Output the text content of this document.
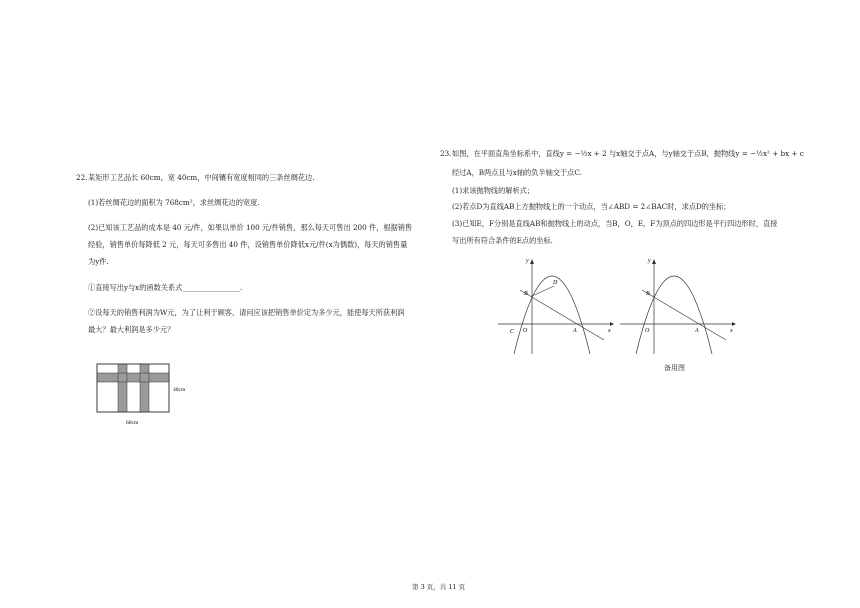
22. 某矩形工艺品长 60cm，宽 40cm，中间镶有宽度相同的三条丝绸花边.
(1)若丝绸花边的面积为 768cm²，求丝绸花边的宽度.
(2)已知该工艺品的成本是 40 元/件，如果以单价 100 元/件销售，那么每天可售出 200 件，根据销售
经验，销售单价每降低 2 元，每天可多售出 40 件，设销售单价降低x元/件(x为偶数)，每天的销售量
为y件.
①直接写出y与x的函数关系式________________.
②设每天的销售利润为W元，为了让利于顾客，请问应该把销售单价定为多少元，能使每天所获利润
最大？最大利润是多少元？
40cm
60cm
23. 如图，在平面直角坐标系中，直线y = −½x + 2 与x轴交于点A，与y轴交于点B，抛物线y = −½x² + bx + c
经过A，B两点且与x轴的负半轴交于点C.
(1)求该抛物线的解析式；
(2)若点D为直线AB上方抛物线上的一个动点，当∠ABD = 2∠BAC时，求点D的坐标；
(3)已知E，F分别是直线AB和抛物线上的动点，当B，O，E，F为顶点的四边形是平行四边形时，直接
写出所有符合条件的E点的坐标.
y
x
B
D
C O	A
y
x
B
O	A
备用图
第 3 页，共 11 页
